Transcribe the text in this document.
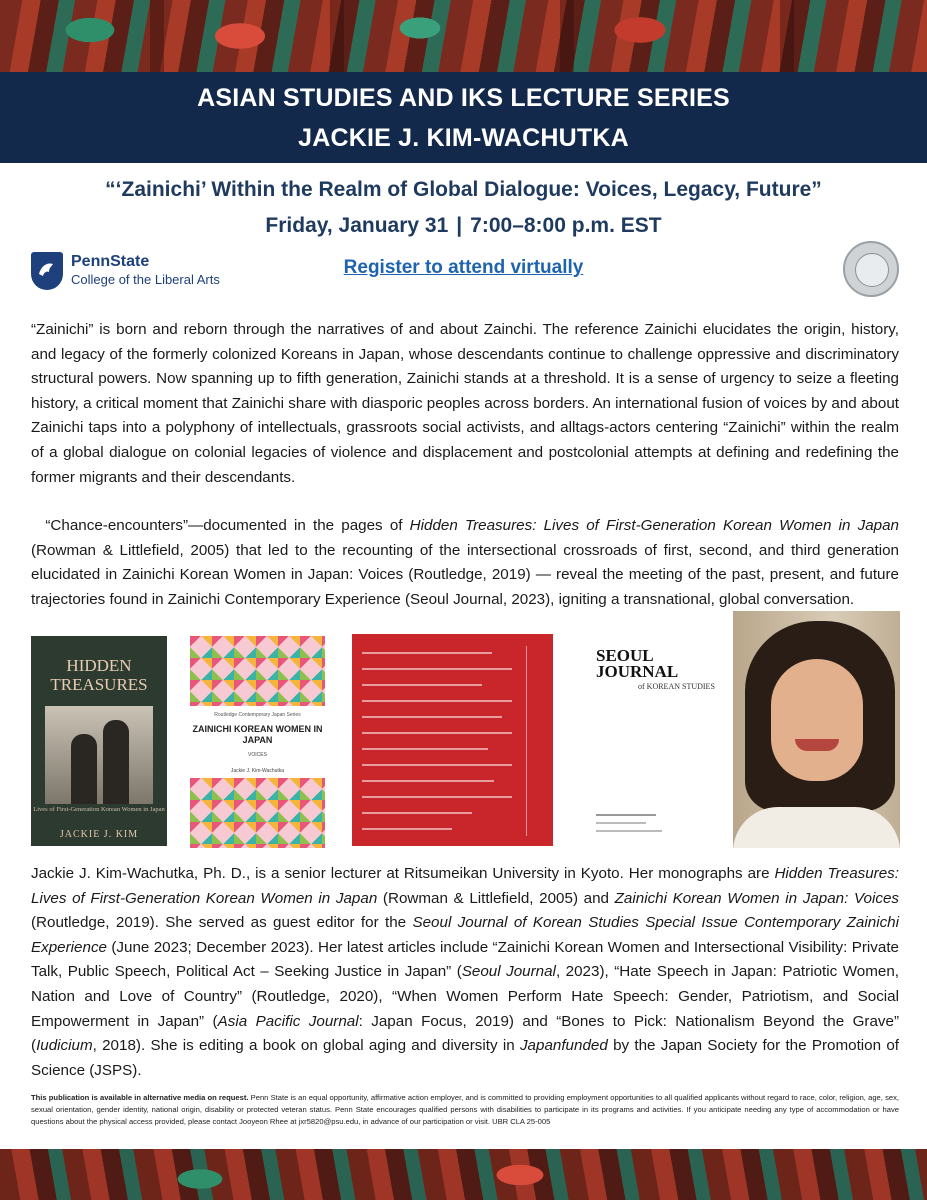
ASIAN STUDIES AND IKS LECTURE SERIES
JACKIE J. KIM-WACHUTKA
“‘Zainichi’ Within the Realm of Global Dialogue: Voices, Legacy, Future”
Friday, January 31 | 7:00–8:00 p.m. EST
PennState
College of the Liberal Arts
Register to attend virtually
“Zainichi” is born and reborn through the narratives of and about Zainchi. The reference Zainichi elucidates the origin, history, and legacy of the formerly colonized Koreans in Japan, whose descendants continue to challenge oppressive and discriminatory structural powers. Now spanning up to fifth generation, Zainichi stands at a threshold. It is a sense of urgency to seize a fleeting history, a critical moment that Zainichi share with diasporic peoples across borders. An international fusion of voices by and about Zainichi taps into a polyphony of intellectuals, grassroots social activists, and alltags-actors centering “Zainichi” within the realm of a global dialogue on colonial legacies of violence and displacement and postcolonial attempts at defining and redefining the former migrants and their descendants.
“Chance-encounters”—documented in the pages of Hidden Treasures: Lives of First-Generation Korean Women in Japan (Rowman & Littlefield, 2005) that led to the recounting of the intersectional crossroads of first, second, and third generation elucidated in Zainichi Korean Women in Japan: Voices (Routledge, 2019) — reveal the meeting of the past, present, and future trajectories found in Zainichi Contemporary Experience (Seoul Journal, 2023), igniting a transnational, global conversation.
HIDDEN TREASURES
Lives of First-Generation Korean Women in Japan
JACKIE J. KIM
Routledge Contemporary Japan Series
ZAINICHI KOREAN WOMEN IN JAPAN
VOICES
Jackie J. Kim-Wachutka
SEOUL JOURNAL
of KOREAN STUDIES
Jackie J. Kim-Wachutka, Ph. D., is a senior lecturer at Ritsumeikan University in Kyoto. Her monographs are Hidden Treasures: Lives of First-Generation Korean Women in Japan (Rowman & Littlefield, 2005) and Zainichi Korean Women in Japan: Voices (Routledge, 2019). She served as guest editor for the Seoul Journal of Korean Studies Special Issue Contemporary Zainichi Experience (June 2023; December 2023). Her latest articles include “Zainichi Korean Women and Intersectional Visibility: Private Talk, Public Speech, Political Act – Seeking Justice in Japan” (Seoul Journal, 2023), “Hate Speech in Japan: Patriotic Women, Nation and Love of Country” (Routledge, 2020), “When Women Perform Hate Speech: Gender, Patriotism, and Social Empowerment in Japan” (Asia Pacific Journal: Japan Focus, 2019) and “Bones to Pick: Nationalism Beyond the Grave” (Iudicium, 2018). She is editing a book on global aging and diversity in Japanfunded by the Japan Society for the Promotion of Science (JSPS).
This publication is available in alternative media on request. Penn State is an equal opportunity, affirmative action employer, and is committed to providing employment opportunities to all qualified applicants without regard to race, color, religion, age, sex, sexual orientation, gender identity, national origin, disability or protected veteran status. Penn State encourages qualified persons with disabilities to participate in its programs and activities. If you anticipate needing any type of accommodation or have questions about the physical access provided, please contact Jooyeon Rhee at jxr5820@psu.edu, in advance of our participation or visit. UBR CLA 25-005
